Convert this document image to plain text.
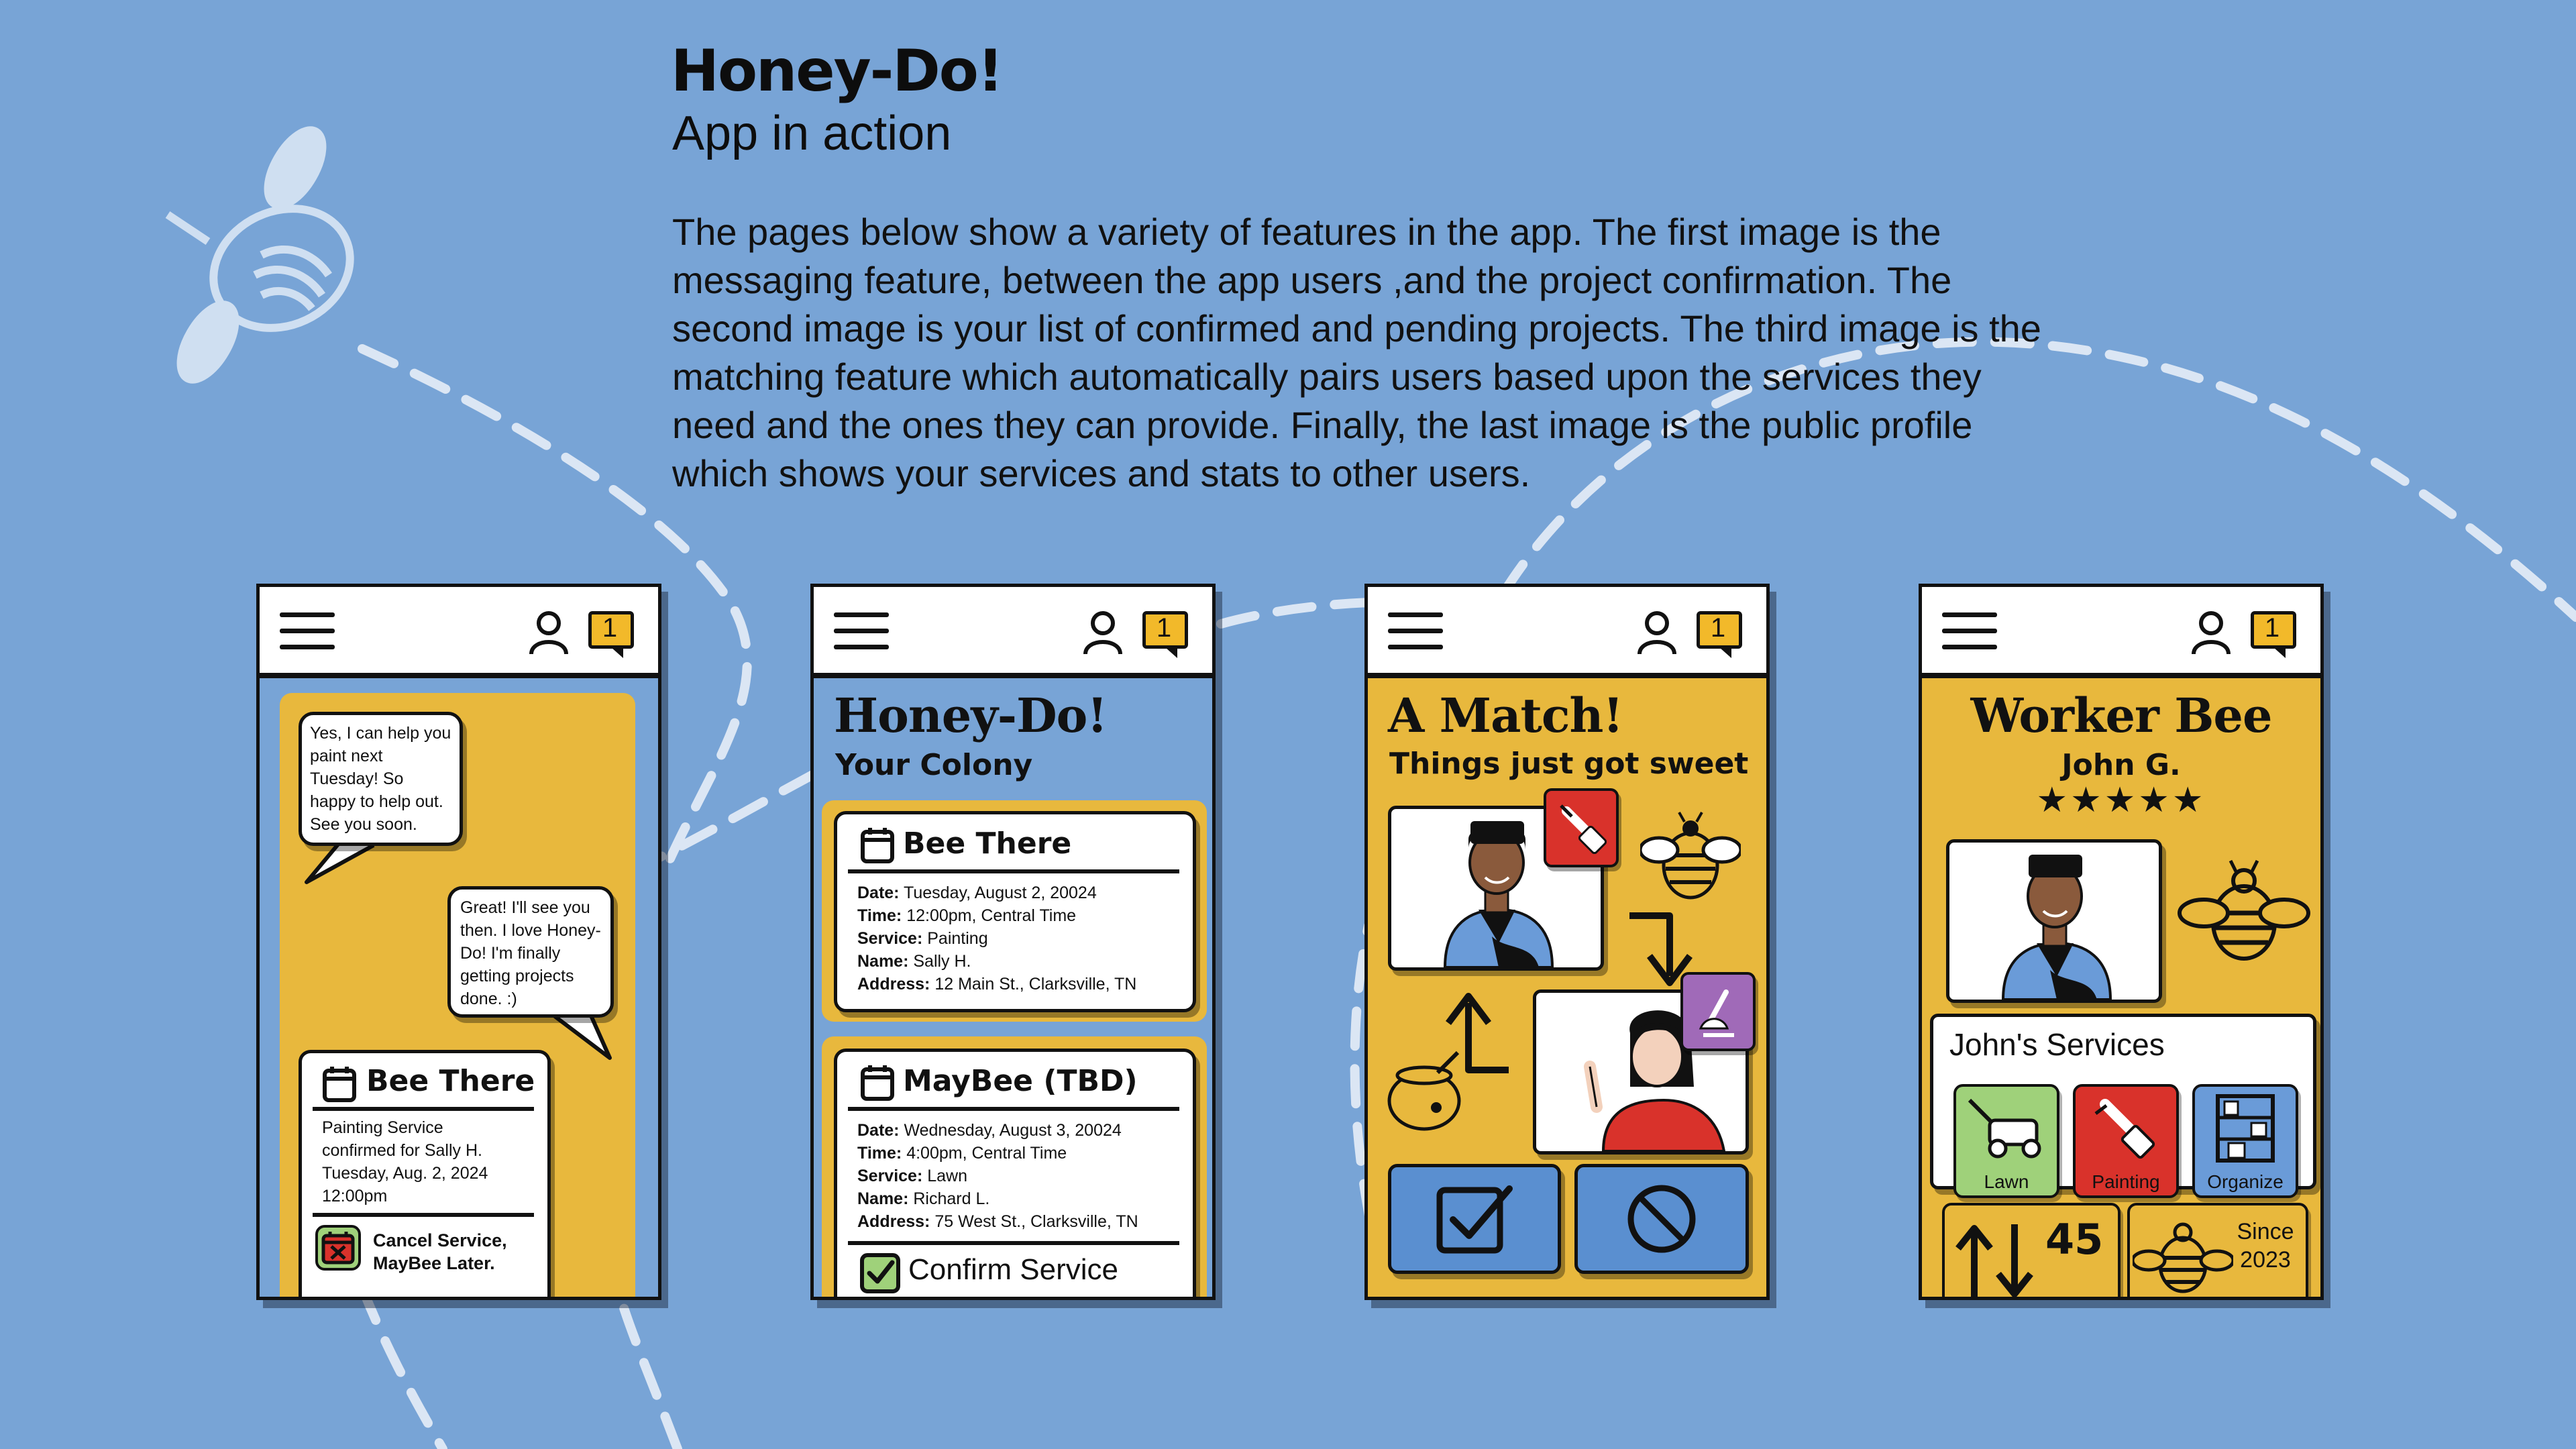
Honey-Do!
App in action
The pages below show a variety of features in the app. The first image is the messaging feature, between the app users ,and the project confirmation. The second image is your list of confirmed and pending projects. The third image is the matching feature which automatically pairs users based upon the services they need and the ones they can provide. Finally, the last image is the public profile which shows your services and stats to other users.
1
Yes, I can help you paint next Tuesday! So happy to help out. See you soon.
Great! I'll see you then. I love Honey-Do! I'm finally getting projects done. :)
Bee There
Painting Service
confirmed for Sally H.
Tuesday, Aug. 2, 2024
12:00pm
Cancel Service, MayBee Later.
1
Honey-Do!
Your Colony
Bee There
Date: Tuesday, August 2, 20024
Time: 12:00pm, Central Time
Service: Painting
Name: Sally H.
Address: 12 Main St., Clarksville, TN
MayBee (TBD)
Date: Wednesday, August 3, 20024
Time: 4:00pm, Central Time
Service: Lawn
Name: Richard L.
Address: 75 West St., Clarksville, TN
Confirm Service
1
A Match!
Things just got sweet
1
Worker Bee
John G.
★★★★★
John's Services
Lawn	Painting	Organize
45	Since 2023
